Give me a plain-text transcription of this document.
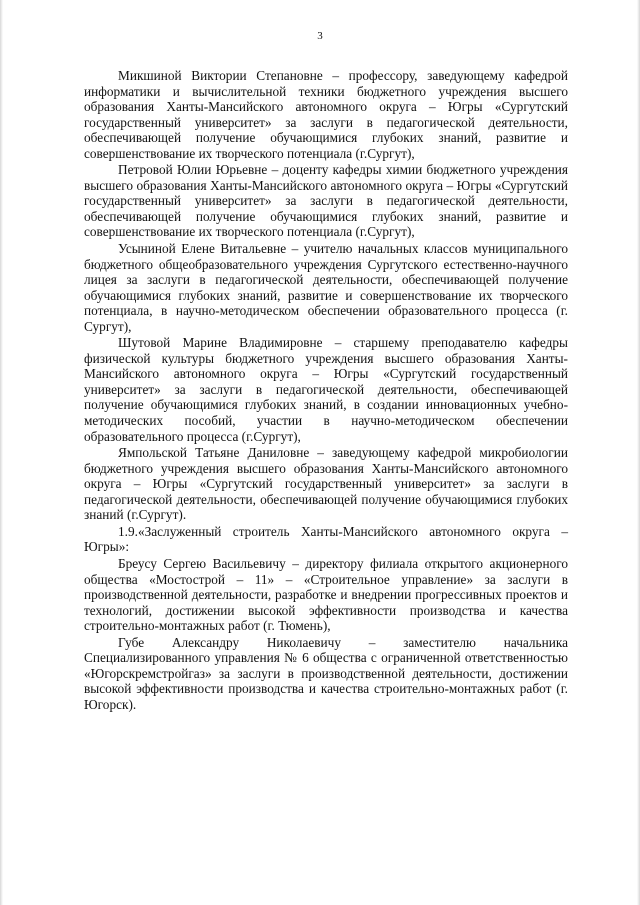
3

Микшиной Виктории Степановне – профессору, заведующему кафедрой информатики и вычислительной техники бюджетного учреждения высшего образования Ханты-Мансийского автономного округа – Югры «Сургутский государственный университет» за заслуги в педагогической деятельности, обеспечивающей получение обучающимися глубоких знаний, развитие и совершенствование их творческого потенциала (г.Сургут),

Петровой Юлии Юрьевне – доценту кафедры химии бюджетного учреждения высшего образования Ханты-Мансийского автономного округа – Югры «Сургутский государственный университет» за заслуги в педагогической деятельности, обеспечивающей получение обучающимися глубоких знаний, развитие и совершенствование их творческого потенциала (г.Сургут),

Усыниной Елене Витальевне – учителю начальных классов муниципального бюджетного общеобразовательного учреждения Сургутского естественно-научного лицея за заслуги в педагогической деятельности, обеспечивающей получение обучающимися глубоких знаний, развитие и совершенствование их творческого потенциала, в научно-методическом обеспечении образовательного процесса (г. Сургут),

Шутовой Марине Владимировне – старшему преподавателю кафедры физической культуры бюджетного учреждения высшего образования Ханты-Мансийского автономного округа – Югры «Сургутский государственный университет» за заслуги в педагогической деятельности, обеспечивающей получение обучающимися глубоких знаний, в создании инновационных учебно-методических пособий, участии в научно-методическом обеспечении образовательного процесса (г.Сургут),

Ямпольской Татьяне Даниловне – заведующему кафедрой микробиологии бюджетного учреждения высшего образования Ханты-Мансийского автономного округа – Югры «Сургутский государственный университет» за заслуги в педагогической деятельности, обеспечивающей получение обучающимися глубоких знаний (г.Сургут).

1.9.«Заслуженный строитель Ханты-Мансийского автономного округа – Югры»:

Бреусу Сергею Васильевичу – директору филиала открытого акционерного общества «Мостострой – 11» – «Строительное управление» за заслуги в производственной деятельности, разработке и внедрении прогрессивных проектов и технологий, достижении высокой эффективности производства и качества строительно-монтажных работ (г. Тюмень),

Губе Александру Николаевичу – заместителю начальника Специализированного управления № 6 общества с ограниченной ответственностью «Югорскремстройгаз» за заслуги в производственной деятельности, достижении высокой эффективности производства и качества строительно-монтажных работ (г. Югорск).
